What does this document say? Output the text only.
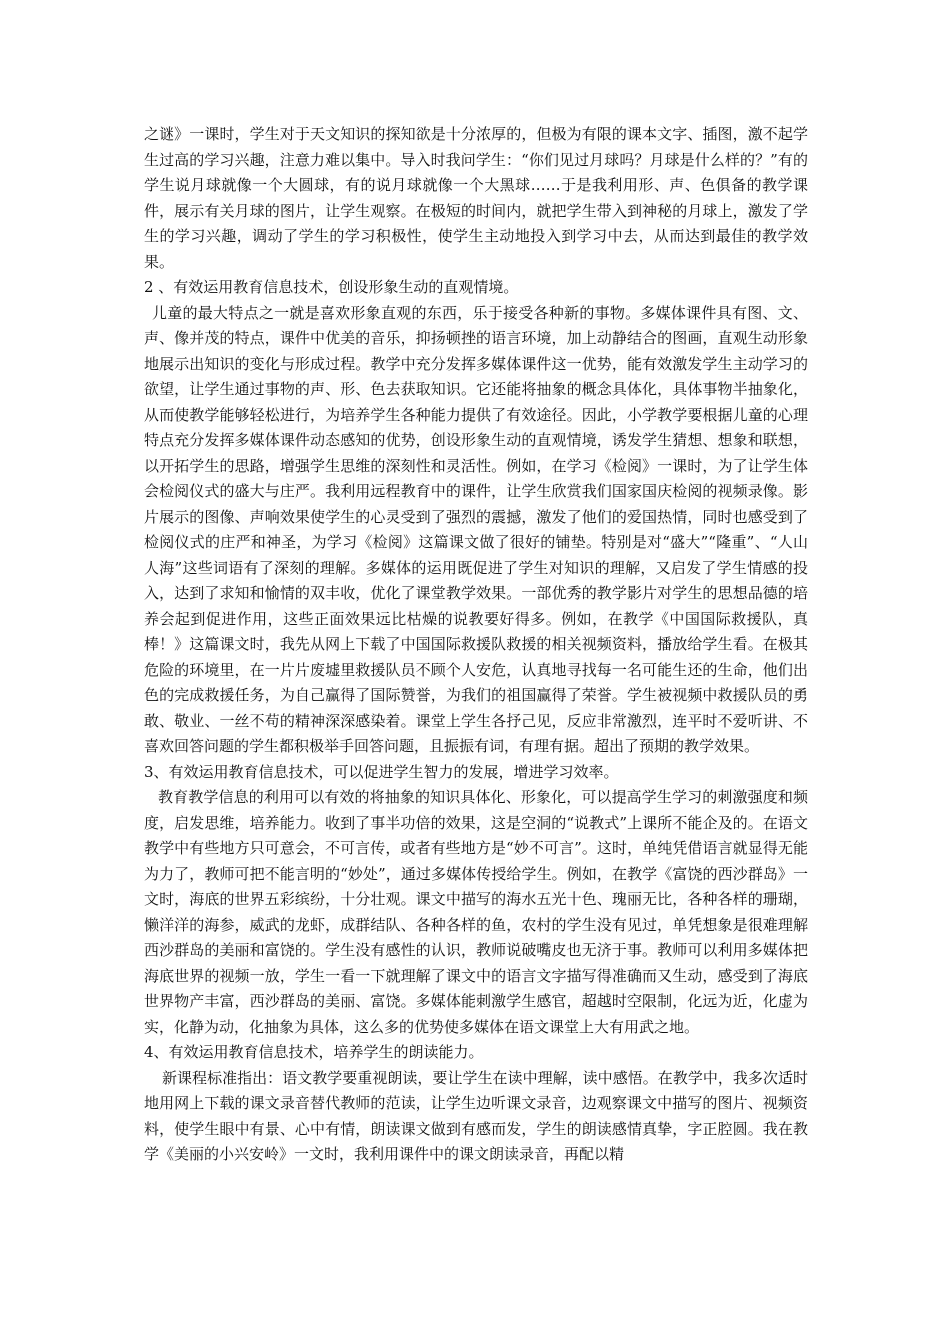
之谜》一课时，学生对于天文知识的探知欲是十分浓厚的，但极为有限的课本文字、插图，激不起学生过高的学习兴趣，注意力难以集中。导入时我问学生：“你们见过月球吗？月球是什么样的？”有的学生说月球就像一个大圆球，有的说月球就像一个大黑球……于是我利用形、声、色俱备的教学课件，展示有关月球的图片，让学生观察。在极短的时间内，就把学生带入到神秘的月球上，激发了学生的学习兴趣，调动了学生的学习积极性，使学生主动地投入到学习中去，从而达到最佳的教学效果。

2 、有效运用教育信息技术，创设形象生动的直观情境。

儿童的最大特点之一就是喜欢形象直观的东西，乐于接受各种新的事物。多媒体课件具有图、文、声、像并茂的特点，课件中优美的音乐，抑扬顿挫的语言环境，加上动静结合的图画，直观生动形象地展示出知识的变化与形成过程。教学中充分发挥多媒体课件这一优势，能有效激发学生主动学习的欲望，让学生通过事物的声、形、色去获取知识。它还能将抽象的概念具体化，具体事物半抽象化，从而使教学能够轻松进行，为培养学生各种能力提供了有效途径。因此，小学教学要根据儿童的心理特点充分发挥多媒体课件动态感知的优势，创设形象生动的直观情境，诱发学生猜想、想象和联想，以开拓学生的思路，增强学生思维的深刻性和灵活性。例如，在学习《检阅》一课时，为了让学生体会检阅仪式的盛大与庄严。我利用远程教育中的课件，让学生欣赏我们国家国庆检阅的视频录像。影片展示的图像、声响效果使学生的心灵受到了强烈的震撼，激发了他们的爱国热情，同时也感受到了检阅仪式的庄严和神圣，为学习《检阅》这篇课文做了很好的铺垫。特别是对“盛大”“隆重”、“人山人海”这些词语有了深刻的理解。多媒体的运用既促进了学生对知识的理解，又启发了学生情感的投入，达到了求知和愉情的双丰收，优化了课堂教学效果。一部优秀的教学影片对学生的思想品德的培养会起到促进作用，这些正面效果远比枯燥的说教要好得多。例如，在教学《中国国际救援队，真棒！》这篇课文时，我先从网上下载了中国国际救援队救援的相关视频资料，播放给学生看。在极其危险的环境里，在一片片废墟里救援队员不顾个人安危，认真地寻找每一名可能生还的生命，他们出色的完成救援任务，为自己赢得了国际赞誉，为我们的祖国赢得了荣誉。学生被视频中救援队员的勇敢、敬业、一丝不苟的精神深深感染着。课堂上学生各抒己见，反应非常激烈，连平时不爱听讲、不喜欢回答问题的学生都积极举手回答问题，且振振有词，有理有据。超出了预期的教学效果。

3、有效运用教育信息技术，可以促进学生智力的发展，增进学习效率。

教育教学信息的利用可以有效的将抽象的知识具体化、形象化，可以提高学生学习的刺激强度和频度，启发思维，培养能力。收到了事半功倍的效果，这是空洞的“说教式”上课所不能企及的。在语文教学中有些地方只可意会，不可言传，或者有些地方是“妙不可言”。这时，单纯凭借语言就显得无能为力了，教师可把不能言明的“妙处”，通过多媒体传授给学生。例如，在教学《富饶的西沙群岛》一文时，海底的世界五彩缤纷，十分壮观。课文中描写的海水五光十色、瑰丽无比，各种各样的珊瑚，懒洋洋的海参，威武的龙虾，成群结队、各种各样的鱼，农村的学生没有见过，单凭想象是很难理解西沙群岛的美丽和富饶的。学生没有感性的认识，教师说破嘴皮也无济于事。教师可以利用多媒体把海底世界的视频一放，学生一看一下就理解了课文中的语言文字描写得准确而又生动，感受到了海底世界物产丰富，西沙群岛的美丽、富饶。多媒体能刺激学生感官，超越时空限制，化远为近，化虚为实，化静为动，化抽象为具体，这么多的优势使多媒体在语文课堂上大有用武之地。

4、有效运用教育信息技术，培养学生的朗读能力。

新课程标准指出：语文教学要重视朗读，要让学生在读中理解，读中感悟。在教学中，我多次适时地用网上下载的课文录音替代教师的范读，让学生边听课文录音，边观察课文中描写的图片、视频资料，使学生眼中有景、心中有情，朗读课文做到有感而发，学生的朗读感情真挚，字正腔圆。我在教学《美丽的小兴安岭》一文时，我利用课件中的课文朗读录音，再配以精
